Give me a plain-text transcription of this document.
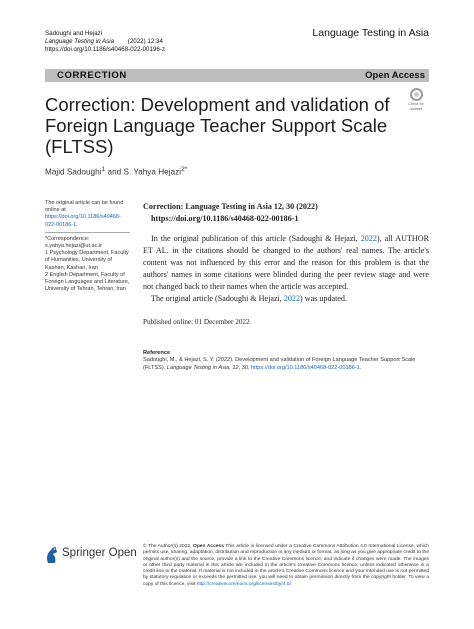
Sadoughi and Hejazi
Language Testing in Asia (2022) 12:34
https://doi.org/10.1186/s40468-022-00196-z
Language Testing in Asia
CORRECTION	Open Access
Check for
updates
Correction: Development and validation of Foreign Language Teacher Support Scale (FLTSS)
Majid Sadoughi$^1$ and S. Yahya Hejazi$^{2*}$
The original article can be found online at https://doi.org/10.1186/s40468-022-00186-1.
*Correspondence:
s.yahya.hejazi@ut.ac.ir
1 Psychology Department, Faculty of Humanities, University of Kashan, Kashan, Iran
2 English Department, Faculty of Foreign Languages and Literature, University of Tehran, Tehran, Iran
Correction: Language Testing in Asia 12, 30 (2022)
https://doi.org/10.1186/s40468-022-00186-1

In the original publication of this article (Sadoughi & Hejazi, 2022), all AUTHOR ET AL. in the citations should be changed to the authors' real names. The article's content was not influenced by this error and the reason for this problem is that the authors' names in some citations were blinded during the peer review stage and were not changed back to their names when the article was accepted.

The original article (Sadoughi & Hejazi, 2022) was updated.

Published online: 01 December 2022
Reference
Sadoughi, M., & Hejazi, S. Y. (2022). Development and validation of Foreign Language Teacher Support Scale (FLTSS). Language Testing in Asia, 12, 30. https://doi.org/10.1186/s40468-022-00186-1.
Springer Open
© The Author(s) 2022. Open Access This article is licensed under a Creative Commons Attribution 4.0 International License, which permits use, sharing, adaptation, distribution and reproduction in any medium or format, as long as you give appropriate credit to the original author(s) and the source, provide a link to the Creative Commons licence, and indicate if changes were made. The images or other third party material in this article are included in the article's Creative Commons licence, unless indicated otherwise in a credit line to the material. If material is not included in the article's Creative Commons licence and your intended use is not permitted by statutory regulation or exceeds the permitted use, you will need to obtain permission directly from the copyright holder. To view a copy of this licence, visit http://creativecommons.org/licenses/by/4.0/.
